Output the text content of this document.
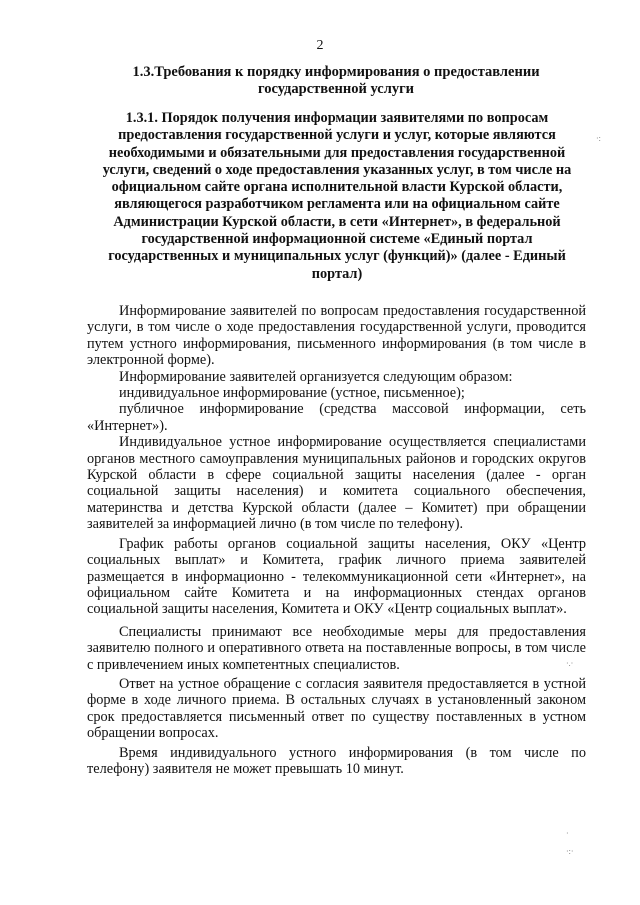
2
1.3.Требования к порядку информирования о предоставлении государственной услуги
1.3.1. Порядок получения информации заявителями по вопросам предоставления государственной услуги и услуг, которые являются необходимыми и обязательными для предоставления государственной услуги, сведений о ходе предоставления указанных услуг, в том числе на официальном сайте органа исполнительной власти Курской области, являющегося разработчиком регламента или на официальном сайте Администрации Курской области, в сети «Интернет», в федеральной государственной информационной системе «Единый портал государственных и муниципальных услуг (функций)» (далее - Единый портал)

Информирование заявителей по вопросам предоставления государственной услуги, в том числе о ходе предоставления государственной услуги, проводится путем устного информирования, письменного информирования (в том числе в электронной форме).

Информирование заявителей организуется следующим образом:

индивидуальное информирование (устное, письменное);

публичное информирование (средства массовой информации, сеть «Интернет»).

Индивидуальное устное информирование осуществляется специалистами органов местного самоуправления муниципальных районов и городских округов Курской области в сфере социальной защиты населения (далее - орган социальной защиты населения) и комитета социального обеспечения, материнства и детства Курской области (далее – Комитет) при обращении заявителей за информацией лично (в том числе по телефону).

График работы органов социальной защиты населения, ОКУ «Центр социальных выплат» и Комитета, график личного приема заявителей размещается в информационно - телекоммуникационной сети «Интернет», на официальном сайте Комитета и на информационных стендах органов социальной защиты населения, Комитета и ОКУ «Центр социальных выплат».

Специалисты принимают все необходимые меры для предоставления заявителю полного и оперативного ответа на поставленные вопросы, в том числе с привлечением иных компетентных специалистов.

Ответ на устное обращение с согласия заявителя предоставляется в устной форме в ходе личного приема. В остальных случаях в установленный законом срок предоставляется письменный ответ по существу поставленных в устном обращении вопросах.

Время индивидуального устного информирования (в том числе по телефону) заявителя не может превышать 10 минут.

·:
·.·
·
·:·
